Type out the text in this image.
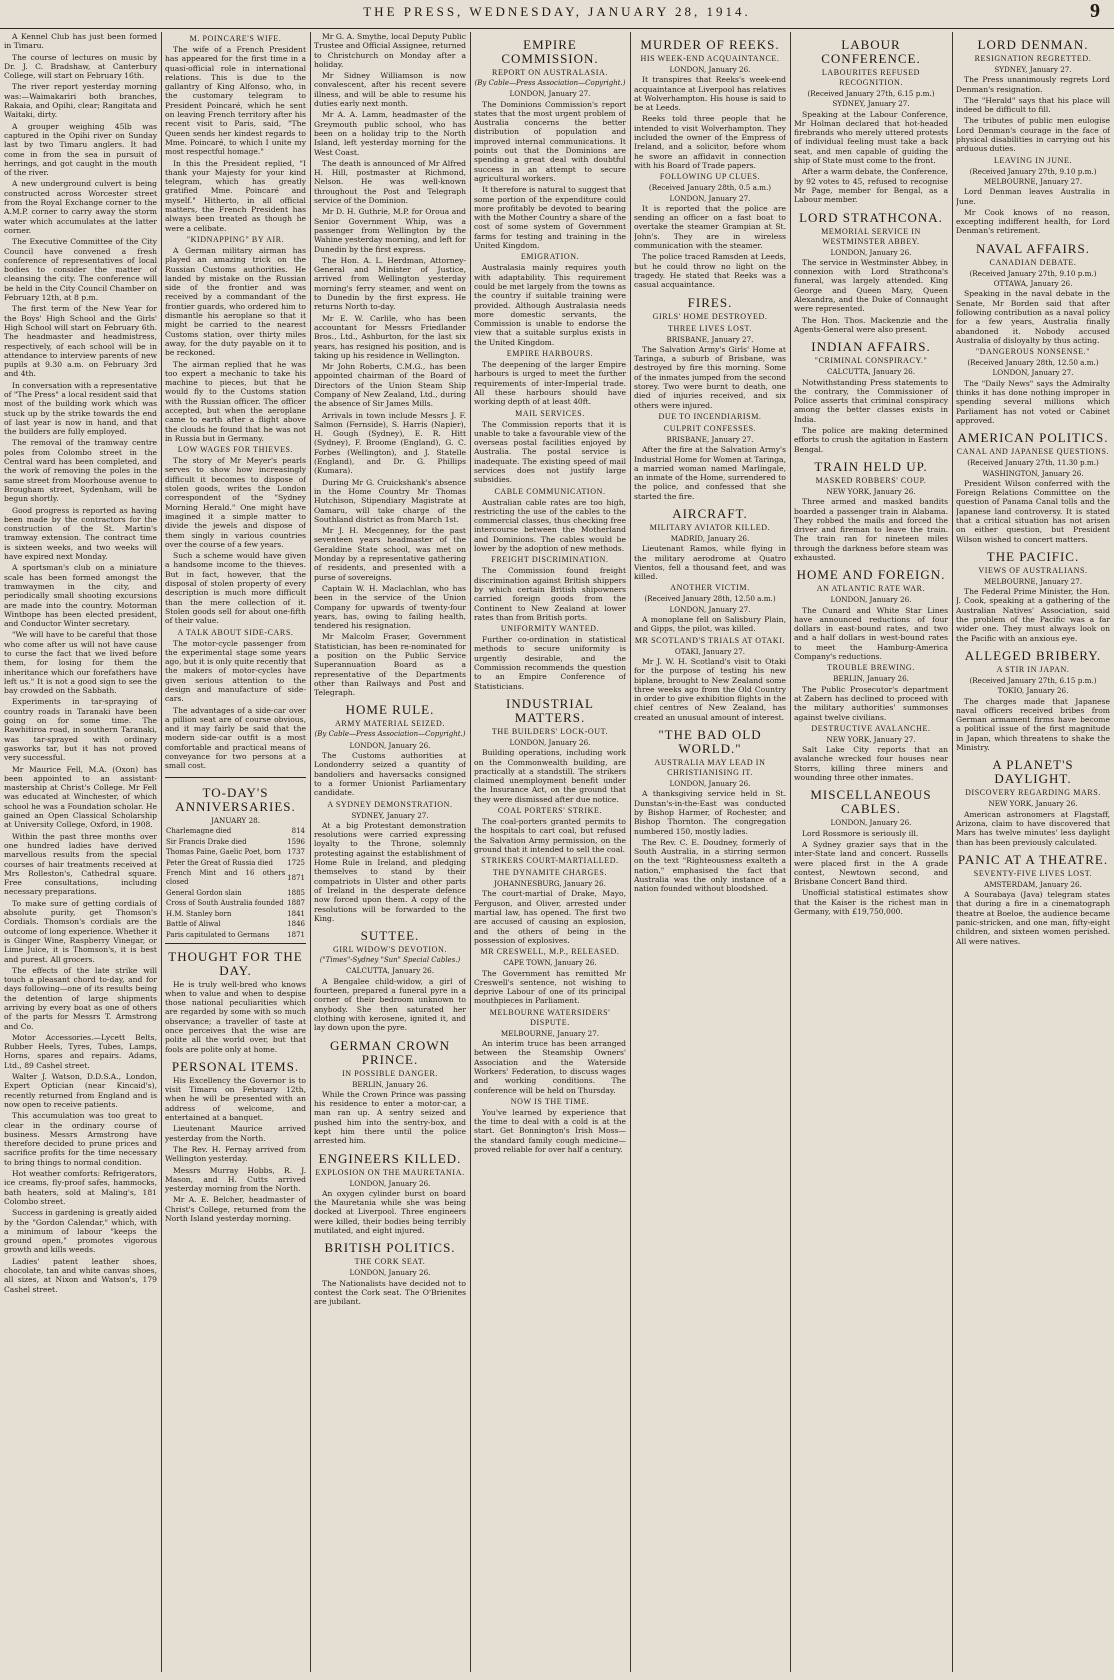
THE PRESS, WEDNESDAY, JANUARY 28, 1914.	9

A Kennel Club has just been formed in Timaru.

The course of lectures on music by Dr. J. C. Bradshaw, at Canterbury College, will start on February 16th.

The river report yesterday morning was:—Waimakariri both branches, Rakaia, and Opihi, clear; Rangitata and Waitaki, dirty.

A grouper weighing 45lb was captured in the Opihi river on Sunday last by two Timaru anglers. It had come in from the sea in pursuit of herrings, and got caught in the mouth of the river.

A new underground culvert is being constructed across Worcester street from the Royal Exchange corner to the A.M.P. corner to carry away the storm water which accumulates at the latter corner.

The Executive Committee of the City Council have convened a fresh conference of representatives of local bodies to consider the matter of cleansing the city. The conference will be held in the City Council Chamber on February 12th, at 8 p.m.

The first term of the New Year for the Boys' High School and the Girls' High School will start on February 6th. The headmaster and headmistress, respectively, of each school will be in attendance to interview parents of new pupils at 9.30 a.m. on February 3rd and 4th.

In conversation with a representative of "The Press" a local resident said that most of the building work which was stuck up by the strike towards the end of last year is now in hand, and that the builders are fully employed.

The removal of the tramway centre poles from Colombo street in the Central ward has been completed, and the work of removing the poles in the same street from Moorhouse avenue to Brougham street, Sydenham, will be begun shortly.

Good progress is reported as having been made by the contractors for the construction of the St. Martin's tramway extension. The contract time is sixteen weeks, and two weeks will have expired next Monday.

A sportsman's club on a miniature scale has been formed amongst the tramwaymen in the city, and periodically small shooting excursions are made into the country. Motorman Wintbope has been elected president, and Conductor Winter secretary.

"We will have to be careful that those who come after us will not have cause to curse the fact that we lived before them, for losing for them the inheritance which our forefathers have left us." It is not a good sign to see the bay crowded on the Sabbath.

Experiments in tar-spraying of country roads in Taranaki have been going on for some time. The Rawhitiroa road, in southern Taranaki, was tar-sprayed with ordinary gasworks tar, but it has not proved very successful.

Mr Maurice Fell, M.A. (Oxon) has been appointed to an assistant-mastership at Christ's College. Mr Fell was educated at Winchester, of which school he was a Foundation scholar. He gained an Open Classical Scholarship at University College, Oxford, in 1908.

Within the past three months over one hundred ladies have derived marvellous results from the special courses of hair treatments received at Mrs Rolleston's, Cathedral square. Free consultations, including necessary preparations.

To make sure of getting cordials of absolute purity, get Thomson's Cordials. Thomson's cordials are the outcome of long experience. Whether it is Ginger Wine, Raspberry Vinegar, or Lime Juice, it is Thomson's, it is best and purest. All grocers.

The effects of the late strike will touch a pleasant chord to-day, and for days following—one of its results being the detention of large shipments arriving by every boat as one of others of the parts for Messrs T. Armstrong and Co.

Motor Accessories.—Lycett Belts, Rubber Heels, Tyres, Tubes, Lamps, Horns, spares and repairs. Adams, Ltd., 89 Cashel street.

Walter J. Watson, D.D.S.A., London, Expert Optician (near Kincaid's), recently returned from England and is now open to receive patients.

This accumulation was too great to clear in the ordinary course of business. Messrs Armstrong have therefore decided to prune prices and sacrifice profits for the time necessary to bring things to normal condition.

Hot weather comforts: Refrigerators, ice creams, fly-proof safes, hammocks, bath heaters, sold at Maling's, 181 Colombo street.

Success in gardening is greatly aided by the "Gordon Calendar," which, with a minimum of labour "keeps the ground open," promotes vigorous growth and kills weeds.

Ladies' patent leather shoes, chocolate, tan and white canvas shoes, all sizes, at Nixon and Watson's, 179 Cashel street.

M. POINCARE'S WIFE.

The wife of a French President has appeared for the first time in a quasi-official role in international relations. This is due to the gallantry of King Alfonso, who, in the customary telegram to President Poincaré, which he sent on leaving French territory after his recent visit to Paris, said, "The Queen sends her kindest regards to Mme. Poincaré, to which I unite my most respectful homage."

In this the President replied, "I thank your Majesty for your kind telegram, which has greatly gratified Mme. Poincaré and myself." Hitherto, in all official matters, the French President has always been treated as though he were a celibate.

"KIDNAPPING" BY AIR.

A German military airman has played an amazing trick on the Russian Customs authorities. He landed by mistake on the Russian side of the frontier and was received by a commandant of the frontier guards, who ordered him to dismantle his aeroplane so that it might be carried to the nearest Customs station, over thirty miles away, for the duty payable on it to be reckoned.

The airman replied that he was too expert a mechanic to take his machine to pieces, but that he would fly to the Customs station with the Russian officer. The officer accepted, but when the aeroplane came to earth after a flight above the clouds he found that he was not in Russia but in Germany.

LOW WAGES FOR THIEVES.

The story of Mr Meyer's pearls serves to show how increasingly difficult it becomes to dispose of stolen goods, writes the London correspondent of the "Sydney Morning Herald." One might have imagined it a simple matter to divide the jewels and dispose of them singly in various countries over the course of a few years.

Such a scheme would have given a handsome income to the thieves. But in fact, however, that the disposal of stolen property of every description is much more difficult than the mere collection of it. Stolen goods sell for about one-fifth of their value.

A TALK ABOUT SIDE-CARS.

The motor-cycle passenger from the experimental stage some years ago, but it is only quite recently that the makers of motor-cycles have given serious attention to the design and manufacture of side-cars.

The advantages of a side-car over a pillion seat are of course obvious, and it may fairly be said that the modern side-car outfit is a most comfortable and practical means of conveyance for two persons at a small cost.

TO-DAY'S ANNIVERSARIES.

JANUARY 28.

Charlemagne died	814
Sir Francis Drake died	1596
Thomas Paine, Gaelic Poet, born	1737
Peter the Great of Russia died	1725
French Mint and 16 others closed	1871
General Gordon slain	1885
Cross of South Australia founded	1887
H.M. Stanley born	1841
Battle of Aliwal	1846
Paris capitulated to Germans	1871
THOUGHT FOR THE DAY.

He is truly well-bred who knows when to value and when to despise those national peculiarities which are regarded by some with so much observance; a traveller of taste at once perceives that the wise are polite all the world over, but that fools are polite only at home.

PERSONAL ITEMS.

His Excellency the Governor is to visit Timaru on February 12th, when he will be presented with an address of welcome, and entertained at a banquet.

Lieutenant Maurice arrived yesterday from the North.

The Rev. H. Fernay arrived from Wellington yesterday.

Messrs Murray Hobbs, R. J. Mason, and H. Cutts arrived yesterday morning from the North.

Mr A. E. Belcher, headmaster of Christ's College, returned from the North Island yesterday morning.

Mr G. A. Smythe, local Deputy Public Trustee and Official Assignee, returned to Christchurch on Monday after a holiday.

Mr Sidney Williamson is now convalescent, after his recent severe illness, and will be able to resume his duties early next month.

Mr A. A. Lamm, headmaster of the Greymouth public school, who has been on a holiday trip to the North Island, left yesterday morning for the West Coast.

The death is announced of Mr Alfred H. Hill, postmaster at Richmond, Nelson. He was well-known throughout the Post and Telegraph service of the Dominion.

Mr D. H. Guthrie, M.P. for Oroua and Senior Government Whip, was a passenger from Wellington by the Wahine yesterday morning, and left for Dunedin by the first express.

The Hon. A. L. Herdman, Attorney-General and Minister of Justice, arrived from Wellington yesterday morning's ferry steamer, and went on to Dunedin by the first express. He returns North to-day.

Mr E. W. Carlile, who has been accountant for Messrs Friedlander Bros., Ltd., Ashburton, for the last six years, has resigned his position, and is taking up his residence in Wellington.

Mr John Roberts, C.M.G., has been appointed chairman of the Board of Directors of the Union Steam Ship Company of New Zealand, Ltd., during the absence of Sir James Mills.

Arrivals in town include Messrs J. F. Salmon (Fernside), S. Harris (Napier), H. Gough (Sydney), E. R. Hitt (Sydney), F. Broome (England), G. C. Forbes (Wellington), and J. Statelle (England), and Dr. G. Phillips (Kumara).

During Mr G. Cruickshank's absence in the Home Country Mr Thomas Hutchison, Stipendiary Magistrate at Oamaru, will take charge of the Southland district as from March 1st.

Mr J. H. Mecgenney, for the past seventeen years headmaster of the Geraldine State school, was met on Monday by a representative gathering of residents, and presented with a purse of sovereigns.

Captain W. H. Maclachlan, who has been in the service of the Union Company for upwards of twenty-four years, has, owing to failing health, tendered his resignation.

Mr Malcolm Fraser, Government Statistician, has been re-nominated for a position on the Public Service Superannuation Board as a representative of the Departments other than Railways and Post and Telegraph.

HOME RULE.
ARMY MATERIAL SEIZED.

(By Cable—Press Association—Copyright.)

LONDON, January 26.

The Customs authorities at Londonderry seized a quantity of bandoliers and haversacks consigned to a former Unionist Parliamentary candidate.

A SYDNEY DEMONSTRATION.

SYDNEY, January 27.

At a big Protestant demonstration resolutions were carried expressing loyalty to the Throne, solemnly protesting against the establishment of Home Rule in Ireland, and pledging themselves to stand by their compatriots in Ulster and other parts of Ireland in the desperate defence now forced upon them. A copy of the resolutions will be forwarded to the King.

SUTTEE.
GIRL WIDOW'S DEVOTION.

("Times"-Sydney "Sun" Special Cables.)

CALCUTTA, January 26.

A Bengalee child-widow, a girl of fourteen, prepared a funeral pyre in a corner of their bedroom unknown to anybody. She then saturated her clothing with kerosene, ignited it, and lay down upon the pyre.

GERMAN CROWN PRINCE.
IN POSSIBLE DANGER.

BERLIN, January 26.

While the Crown Prince was passing his residence to enter a motor-car, a man ran up. A sentry seized and pushed him into the sentry-box, and kept him there until the police arrested him.

ENGINEERS KILLED.
EXPLOSION ON THE MAURETANIA.

LONDON, January 26.

An oxygen cylinder burst on board the Mauretania while she was being docked at Liverpool. Three engineers were killed, their bodies being terribly mutilated, and eight injured.

BRITISH POLITICS.
THE CORK SEAT.

LONDON, January 26.

The Nationalists have decided not to contest the Cork seat. The O'Brienites are jubilant.

EMPIRE COMMISSION.
REPORT ON AUSTRALASIA.

(By Cable—Press Association—Copyright.)

LONDON, January 27.

The Dominions Commission's report states that the most urgent problem of Australia concerns the better distribution of population and improved internal communications. It points out that the Dominions are spending a great deal with doubtful success in an attempt to secure agricultural workers.

It therefore is natural to suggest that some portion of the expenditure could more profitably be devoted to bearing with the Mother Country a share of the cost of some system of Government farms for testing and training in the United Kingdom.

EMIGRATION.

Australasia mainly requires youth with adaptability. This requirement could be met largely from the towns as the country if suitable training were provided. Although Australasia needs more domestic servants, the Commission is unable to endorse the view that a suitable surplus exists in the United Kingdom.

EMPIRE HARBOURS.

The deepening of the larger Empire harbours is urged to meet the further requirements of inter-Imperial trade. All these harbours should have working depth of at least 40ft.

MAIL SERVICES.

The Commission reports that it is unable to take a favourable view of the overseas postal facilities enjoyed by Australia. The postal service is inadequate. The existing speed of mail services does not justify large subsidies.

CABLE COMMUNICATION.

Australian cable rates are too high, restricting the use of the cables to the commercial classes, thus checking free intercourse between the Motherland and Dominions. The cables would be lower by the adoption of new methods.

FREIGHT DISCRIMINATION.

The Commission found freight discrimination against British shippers by which certain British shipowners carried foreign goods from the Continent to New Zealand at lower rates than from British ports.

UNIFORMITY WANTED.

Further co-ordination in statistical methods to secure uniformity is urgently desirable, and the Commission recommends the question to an Empire Conference of Statisticians.

INDUSTRIAL MATTERS.
THE BUILDERS' LOCK-OUT.

LONDON, January 26.

Building operations, including work on the Commonwealth building, are practically at a standstill. The strikers claimed unemployment benefit under the Insurance Act, on the ground that they were dismissed after due notice.

COAL PORTERS' STRIKE.

The coal-porters granted permits to the hospitals to cart coal, but refused the Salvation Army permission, on the ground that it intended to sell the coal.

STRIKERS COURT-MARTIALLED.
THE DYNAMITE CHARGES.

JOHANNESBURG, January 26.

The court-martial of Drake, Mayo, Ferguson, and Oliver, arrested under martial law, has opened. The first two are accused of causing an explosion, and the others of being in the possession of explosives.

MR CRESWELL, M.P., RELEASED.

CAPE TOWN, January 26.

The Government has remitted Mr Creswell's sentence, not wishing to deprive Labour of one of its principal mouthpieces in Parliament.

MELBOURNE WATERSIDERS' DISPUTE.

MELBOURNE, January 27.

An interim truce has been arranged between the Steamship Owners' Association and the Waterside Workers' Federation, to discuss wages and working conditions. The conference will be held on Thursday.

NOW IS THE TIME.

You've learned by experience that the time to deal with a cold is at the start. Get Bonnington's Irish Moss—the standard family cough medicine—proved reliable for over half a century.

MURDER OF REEKS.
HIS WEEK-END ACQUAINTANCE.

LONDON, January 26.

It transpires that Reeks's week-end acquaintance at Liverpool has relatives at Wolverhampton. His house is said to be at Leeds.

Reeks told three people that he intended to visit Wolverhampton. They included the owner of the Empress of Ireland, and a solicitor, before whom he swore an affidavit in connection with his Board of Trade papers.

FOLLOWING UP CLUES.

(Received January 28th, 0.5 a.m.)

LONDON, January 27.

It is reported that the police are sending an officer on a fast boat to overtake the steamer Grampian at St. John's. They are in wireless communication with the steamer.

The police traced Ramsden at Leeds, but he could throw no light on the tragedy. He stated that Reeks was a casual acquaintance.

FIRES.
GIRLS' HOME DESTROYED.
THREE LIVES LOST.

BRISBANE, January 27.

The Salvation Army's Girls' Home at Taringa, a suburb of Brisbane, was destroyed by fire this morning. Some of the inmates jumped from the second storey. Two were burnt to death, one died of injuries received, and six others were injured.

DUE TO INCENDIARISM.
CULPRIT CONFESSES.

BRISBANE, January 27.

After the fire at the Salvation Army's Industrial Home for Women at Taringa, a married woman named Marlingale, an inmate of the Home, surrendered to the police, and confessed that she started the fire.

AIRCRAFT.
MILITARY AVIATOR KILLED.

MADRID, January 26.

Lieutenant Ramos, while flying in the military aerodrome at Quatro Vientos, fell a thousand feet, and was killed.

ANOTHER VICTIM.

(Received January 28th, 12.50 a.m.)

LONDON, January 27.

A monoplane fell on Salisbury Plain, and Gipps, the pilot, was killed.

MR SCOTLAND'S TRIALS AT OTAKI.

OTAKI, January 27.

Mr J. W. H. Scotland's visit to Otaki for the purpose of testing his new biplane, brought to New Zealand some three weeks ago from the Old Country in order to give exhibition flights in the chief centres of New Zealand, has created an unusual amount of interest.

"THE BAD OLD WORLD."
AUSTRALIA MAY LEAD IN CHRISTIANISING IT.

LONDON, January 26.

A thanksgiving service held in St. Dunstan's-in-the-East was conducted by Bishop Harmer, of Rochester, and Bishop Thornton. The congregation numbered 150, mostly ladies.

The Rev. C. E. Doudney, formerly of South Australia, in a stirring sermon on the text "Righteousness exalteth a nation," emphasised the fact that Australia was the only instance of a nation founded without bloodshed.

LABOUR CONFERENCE.
LABOURITES REFUSED RECOGNITION.

(Received January 27th, 6.15 p.m.)

SYDNEY, January 27.

Speaking at the Labour Conference, Mr Holman declared that hot-headed firebrands who merely uttered protests of individual feeling must take a back seat, and men capable of guiding the ship of State must come to the front.

After a warm debate, the Conference, by 92 votes to 45, refused to recognise Mr Page, member for Bengal, as a Labour member.

LORD STRATHCONA.
MEMORIAL SERVICE IN WESTMINSTER ABBEY.

LONDON, January 26.

The service in Westminster Abbey, in connexion with Lord Strathcona's funeral, was largely attended. King George and Queen Mary, Queen Alexandra, and the Duke of Connaught were represented.

The Hon. Thos. Mackenzie and the Agents-General were also present.

INDIAN AFFAIRS.
"CRIMINAL CONSPIRACY."

CALCUTTA, January 26.

Notwithstanding Press statements to the contrary, the Commissioner of Police asserts that criminal conspiracy among the better classes exists in India.

The police are making determined efforts to crush the agitation in Eastern Bengal.

TRAIN HELD UP.
MASKED ROBBERS' COUP.

NEW YORK, January 26.

Three armed and masked bandits boarded a passenger train in Alabama. They robbed the mails and forced the driver and fireman to leave the train. The train ran for nineteen miles through the darkness before steam was exhausted.

HOME AND FOREIGN.
AN ATLANTIC RATE WAR.

LONDON, January 26.

The Cunard and White Star Lines have announced reductions of four dollars in east-bound rates, and two and a half dollars in west-bound rates to meet the Hamburg-America Company's reductions.

TROUBLE BREWING.

BERLIN, January 26.

The Public Prosecutor's department at Zabern has declined to proceed with the military authorities' summonses against twelve civilians.

DESTRUCTIVE AVALANCHE.

NEW YORK, January 27.

Salt Lake City reports that an avalanche wrecked four houses near Storrs, killing three miners and wounding three other inmates.

MISCELLANEOUS CABLES.

LONDON, January 26.

Lord Rossmore is seriously ill.

A Sydney grazier says that in the inter-State land and concert. Russells were placed first in the A grade contest, Newtown second, and Brisbane Concert Band third.

Unofficial statistical estimates show that the Kaiser is the richest man in Germany, with £19,750,000.

LORD DENMAN.
RESIGNATION REGRETTED.

SYDNEY, January 27.

The Press unanimously regrets Lord Denman's resignation.

The "Herald" says that his place will indeed be difficult to fill.

The tributes of public men eulogise Lord Denman's courage in the face of physical disabilities in carrying out his arduous duties.

LEAVING IN JUNE.

(Received January 27th, 9.10 p.m.)

MELBOURNE, January 27.

Lord Denman leaves Australia in June.

Mr Cook knows of no reason, excepting indifferent health, for Lord Denman's retirement.

NAVAL AFFAIRS.
CANADIAN DEBATE.

(Received January 27th, 9.10 p.m.)

OTTAWA, January 26.

Speaking in the naval debate in the Senate, Mr Borden said that after following contribution as a naval policy for a few years, Australia finally abandoned it. Nobody accused Australia of disloyalty by thus acting.

"DANGEROUS NONSENSE."

(Received January 28th, 12.50 a.m.)

LONDON, January 27.

The "Daily News" says the Admiralty thinks it has done nothing improper in spending several millions which Parliament has not voted or Cabinet approved.

AMERICAN POLITICS.
CANAL AND JAPANESE QUESTIONS.

(Received January 27th, 11.30 p.m.)

WASHINGTON, January 26.

President Wilson conferred with the Foreign Relations Committee on the question of Panama Canal tolls and the Japanese land controversy. It is stated that a critical situation has not arisen on either question, but President Wilson wished to concert matters.

THE PACIFIC.
VIEWS OF AUSTRALIANS.

MELBOURNE, January 27.

The Federal Prime Minister, the Hon. J. Cook, speaking at a gathering of the Australian Natives' Association, said the problem of the Pacific was a far wider one. They must always look on the Pacific with an anxious eye.

ALLEGED BRIBERY.
A STIR IN JAPAN.

(Received January 27th, 6.15 p.m.)

TOKIO, January 26.

The charges made that Japanese naval officers received bribes from German armament firms have become a political issue of the first magnitude in Japan, which threatens to shake the Ministry.

A PLANET'S DAYLIGHT.
DISCOVERY REGARDING MARS.

NEW YORK, January 26.

American astronomers at Flagstaff, Arizona, claim to have discovered that Mars has twelve minutes' less daylight than has been previously calculated.

PANIC AT A THEATRE.
SEVENTY-FIVE LIVES LOST.

AMSTERDAM, January 26.

A Sourabaya (Java) telegram states that during a fire in a cinematograph theatre at Boeloe, the audience became panic-stricken, and one man, fifty-eight children, and sixteen women perished. All were natives.
